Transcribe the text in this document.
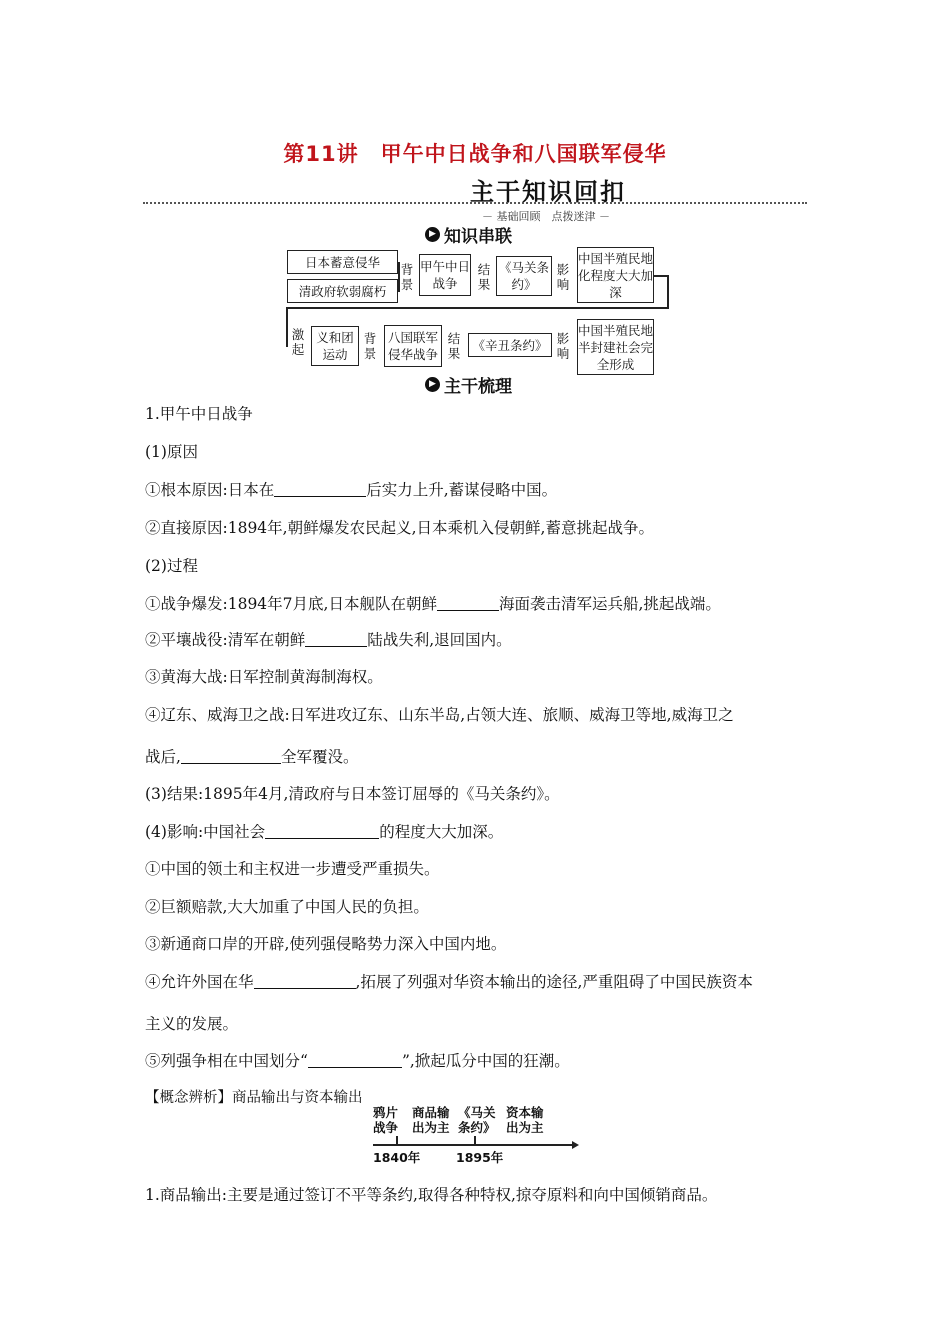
第11讲　甲午中日战争和八国联军侵华
主干知识回扣
－ 基础回顾　点拨迷津 －
▶ 知识串联
日本蓄意侵华
清政府软弱腐朽
背景
甲午中日战争
结果
《马关条约》
影响
中国半殖民地化程度大大加深
激起
义和团运动
背景
八国联军侵华战争
结果
《辛丑条约》 影响
中国半殖民地半封建社会完全形成
▶ 主干梳理
1.甲午中日战争
(1)原因
①根本原因:日本在	后实力上升,蓄谋侵略中国。
②直接原因:1894年,朝鲜爆发农民起义,日本乘机入侵朝鲜,蓄意挑起战争。
(2)过程
①战争爆发:1894年7月底,日本舰队在朝鲜	海面袭击清军运兵船,挑起战端。
②平壤战役:清军在朝鲜	陆战失利,退回国内。
③黄海大战:日军控制黄海制海权。
④辽东、威海卫之战:日军进攻辽东、山东半岛,占领大连、旅顺、威海卫等地,威海卫之
战后,	全军覆没。
(3)结果:1895年4月,清政府与日本签订屈辱的《马关条约》。
(4)影响:中国社会	的程度大大加深。
①中国的领土和主权进一步遭受严重损失。
②巨额赔款,大大加重了中国人民的负担。
③新通商口岸的开辟,使列强侵略势力深入中国内地。
④允许外国在华	,拓展了列强对华资本输出的途径,严重阻碍了中国民族资本
主义的发展。
⑤列强争相在中国划分“	”,掀起瓜分中国的狂潮。
【概念辨析】商品输出与资本输出
鸦片
战争
商品输
出为主
《马关
条约》
资本输
出为主
1840年	1895年
1.商品输出:主要是通过签订不平等条约,取得各种特权,掠夺原料和向中国倾销商品。
